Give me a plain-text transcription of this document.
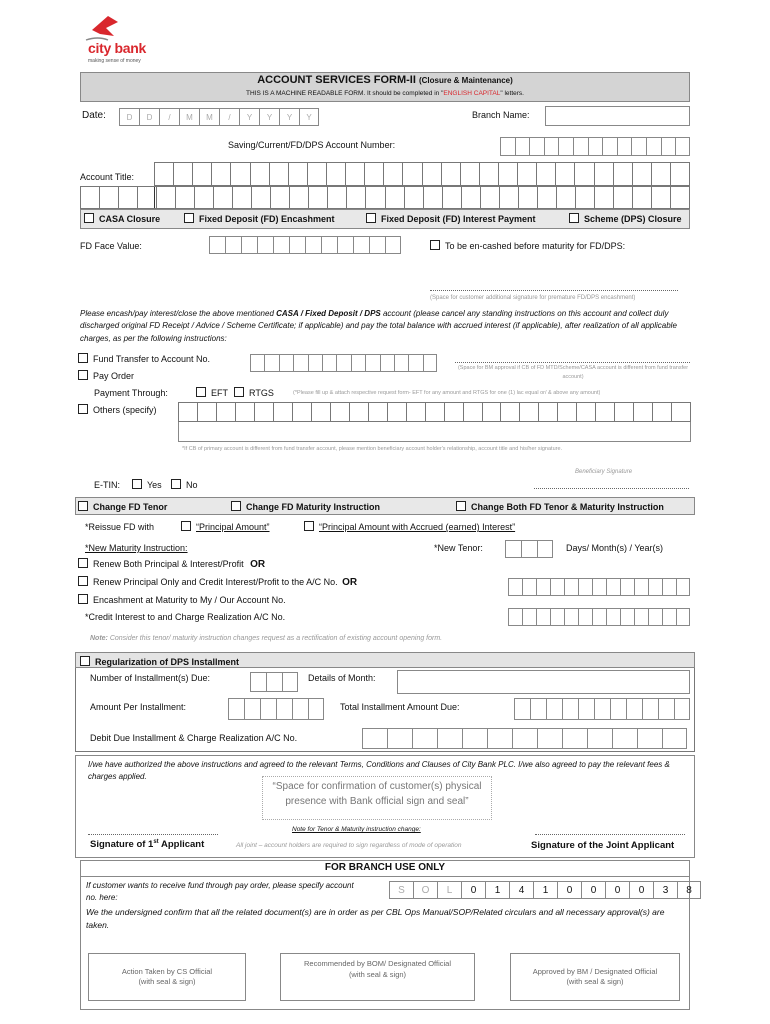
city bank
making sense of money
ACCOUNT SERVICES FORM-II (Closure & Maintenance)
THIS IS A MACHINE READABLE FORM. It should be completed in "ENGLISH CAPITAL" letters.
Date:	D	D	/	M	M	/	Y	Y	Y	Y	Branch Name:
Saving/Current/FD/DPS Account Number:
Account Title:
CASA Closure	Fixed Deposit (FD) Encashment	Fixed Deposit (FD) Interest Payment	Scheme (DPS) Closure
FD Face Value:	To be en-cashed before maturity for FD/DPS:
(Space for customer additional signature for premature FD/DPS encashment)
Please encash/pay interest/close the above mentioned CASA / Fixed Deposit / DPS account (please cancel any standing instructions on this account and collect duly discharged original FD Receipt / Advice / Scheme Certificate; if applicable) and pay the total balance with accrued interest (if applicable), after realization of all applicable charges, as per the following instructions:
Fund Transfer to Account No.
(Space for BM approval if CB of FD MTD/Scheme/CASA account is different from fund transfer account)
Pay Order
Payment Through:	EFT	RTGS	(*Please fill up & attach respective request form- EFT for any amount and RTGS for one (1) lac equal or/ & above any amount)
Others (specify)
*If CB of primary account is different from fund transfer account, please mention beneficiary account holder's relationship, account title and his/her signature.
Beneficiary Signature
E-TIN:	Yes	No
Change FD Tenor	Change FD Maturity Instruction	Change Both FD Tenor & Maturity Instruction
*Reissue FD with	“Principal Amount”	“Principal Amount with Accrued (earned) Interest”
*New Maturity Instruction:	*New Tenor:	Days/ Month(s) / Year(s)
Renew Both Principal & Interest/Profit OR
Renew Principal Only and Credit Interest/Profit to the A/C No. OR
Encashment at Maturity to My / Our Account No.
*Credit Interest to and Charge Realization A/C No.
Note: Consider this tenor/ maturity instruction changes request as a rectification of existing account opening form.
Regularization of DPS Installment
Number of Installment(s) Due:	Details of Month:
Amount Per Installment:	Total Installment Amount Due:
Debit Due Installment & Charge Realization A/C No.
I/we have authorized the above instructions and agreed to the relevant Terms, Conditions and Clauses of City Bank PLC. I/we also agreed to pay the relevant fees & charges applied.
“Space for confirmation of customer(s) physical
presence with Bank official sign and seal”
Signature of 1st Applicant
Note for Tenor & Maturity instruction change:
All joint – account holders are required to sign regardless of mode of operation	Signature of the Joint Applicant
FOR BRANCH USE ONLY
If customer wants to receive fund through pay order, please specify account no. here:
S	O	L	0	1	4	1	0	0	0	0	3	8
We the undersigned confirm that all the related document(s) are in order as per CBL Ops Manual/SOP/Related circulars and all necessary approval(s) are taken.
Action Taken by CS Official
(with seal & sign)
Recommended by BOM/ Designated Official
(with seal & sign)	Approved by BM / Designated Official
(with seal & sign)
